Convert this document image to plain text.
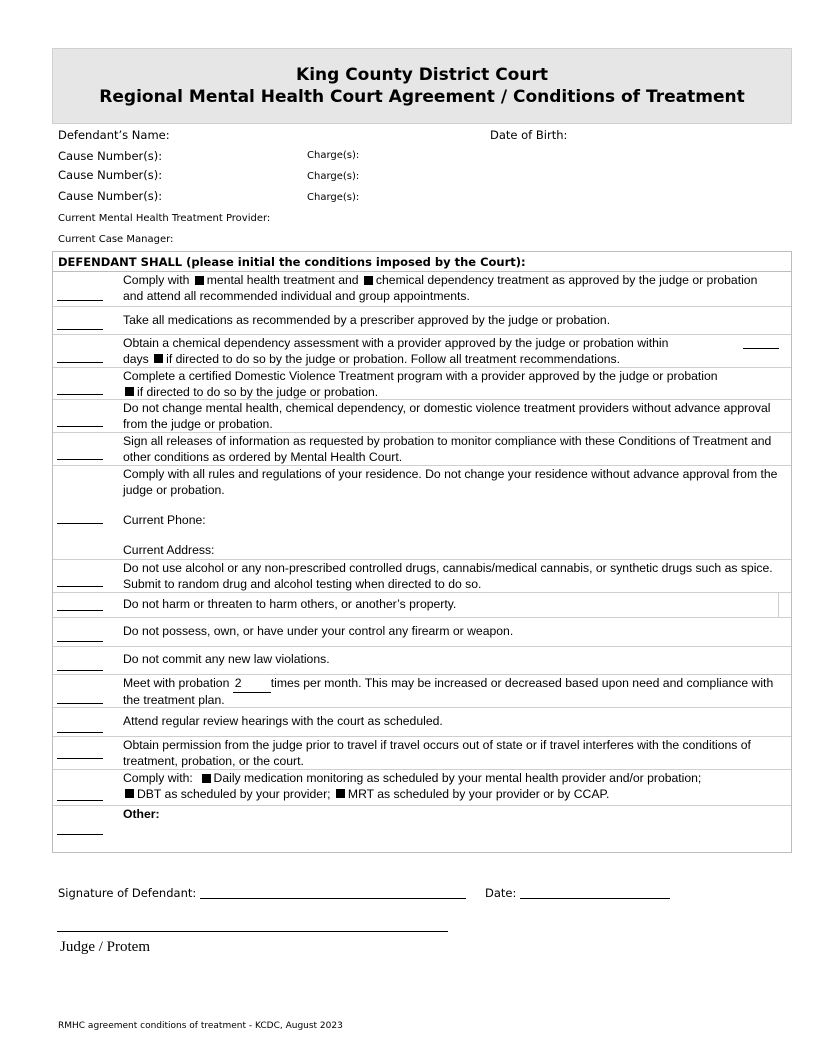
King County District Court
Regional Mental Health Court Agreement / Conditions of Treatment
Defendant’s Name:	Date of Birth:
Cause Number(s):	Charge(s):
Cause Number(s):	Charge(s):
Cause Number(s):	Charge(s):
Current Mental Health Treatment Provider:
Current Case Manager:
DEFENDANT SHALL (please initial the conditions imposed by the Court):
Comply with mental health treatment and chemical dependency treatment as approved by the judge or probation and attend all recommended individual and group appointments.
Take all medications as recommended by a prescriber approved by the judge or probation.
Obtain a chemical dependency assessment with a provider approved by the judge or probation within

days if directed to do so by the judge or probation. Follow all treatment recommendations.
Complete a certified Domestic Violence Treatment program with a provider approved by the judge or probation
if directed to do so by the judge or probation.
Do not change mental health, chemical dependency, or domestic violence treatment providers without advance approval from the judge or probation.
Sign all releases of information as requested by probation to monitor compliance with these Conditions of Treatment and other conditions as ordered by Mental Health Court.
Comply with all rules and regulations of your residence. Do not change your residence without advance approval from the judge or probation.
Current Phone:
Current Address:
Do not use alcohol or any non-prescribed controlled drugs, cannabis/medical cannabis, or synthetic drugs such as spice. Submit to random drug and alcohol testing when directed to do so.
Do not harm or threaten to harm others, or another’s property.
Do not possess, own, or have under your control any firearm or weapon.
Do not commit any new law violations.
Meet with probation 2 times per month. This may be increased or decreased based upon need and compliance with the treatment plan.
Attend regular review hearings with the court as scheduled.
Obtain permission from the judge prior to travel if travel occurs out of state or if travel interferes with the conditions of treatment, probation, or the court.
Comply with: Daily medication monitoring as scheduled by your mental health provider and/or probation;
DBT as scheduled by your provider; MRT as scheduled by your provider or by CCAP.
Other:
Signature of Defendant:	Date:
Judge / Protem
RMHC agreement conditions of treatment - KCDC, August 2023
